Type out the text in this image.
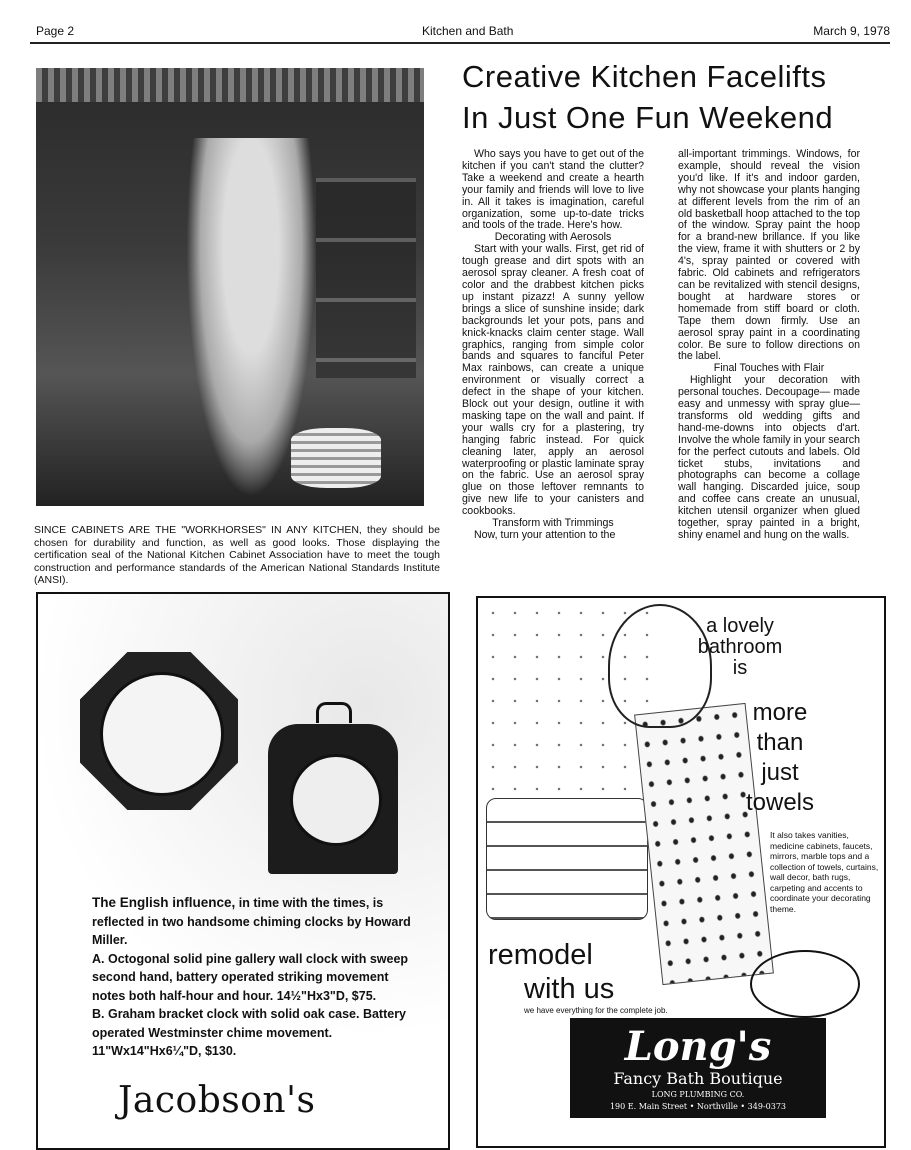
Page 2	Kitchen and Bath	March 9, 1978
SINCE CABINETS ARE THE "WORKHORSES" IN ANY KITCHEN, they should be chosen for durability and function, as well as good looks. Those displaying the certification seal of the National Kitchen Cabinet Association have to meet the tough construction and performance standards of the American National Standards Institute (ANSI).
Creative Kitchen Facelifts
In Just One Fun Weekend

Who says you have to get out of the kitchen if you can't stand the clutter? Take a weekend and create a hearth your family and friends will love to live in. All it takes is imagination, careful organization, some up-to-date tricks and tools of the trade. Here's how.

Decorating with Aerosols

Start with your walls. First, get rid of tough grease and dirt spots with an aerosol spray cleaner. A fresh coat of color and the drabbest kitchen picks up instant pizazz! A sunny yellow brings a slice of sunshine inside; dark backgrounds let your pots, pans and knick-knacks claim center stage. Wall graphics, ranging from simple color bands and squares to fanciful Peter Max rainbows, can create a unique environment or visually correct a defect in the shape of your kitchen. Block out your design, outline it with masking tape on the wall and paint. If your walls cry for a plastering, try hanging fabric instead. For quick cleaning later, apply an aerosol waterproofing or plastic laminate spray on the fabric. Use an aerosol spray glue on those leftover remnants to give new life to your canisters and cookbooks.

Transform with Trimmings

Now, turn your attention to the

all-important trimmings. Windows, for example, should reveal the vision you'd like. If it's and indoor garden, why not showcase your plants hanging at different levels from the rim of an old basketball hoop attached to the top of the window. Spray paint the hoop for a brand-new brillance. If you like the view, frame it with shutters or 2 by 4's, spray painted or covered with fabric. Old cabinets and refrigerators can be revitalized with stencil designs, bought at hardware stores or homemade from stiff board or cloth. Tape them down firmly. Use an aerosol spray paint in a coordinating color. Be sure to follow directions on the label.

Final Touches with Flair

Highlight your decoration with personal touches. Decoupage— made easy and unmessy with spray glue—transforms old wedding gifts and hand-me-downs into objects d'art. Involve the whole family in your search for the perfect cutouts and labels. Old ticket stubs, invitations and photographs can become a collage wall hanging. Discarded juice, soup and coffee cans create an unusual, kitchen utensil organizer when glued together, spray painted in a bright, shiny enamel and hung on the walls.

The English influence, in time with the times, is reflected in two handsome chiming clocks by Howard Miller.

A. Octogonal solid pine gallery wall clock with sweep second hand, battery operated striking movement notes both half-hour and hour. 14½"Hx3"D, $75.

B. Graham bracket clock with solid oak case. Battery operated Westminster chime movement. 11"Wx14"Hx6¼"D, $130.

Jacobson's
a lovely
bathroom
is
more
than
just
towels
It also takes vanities, medicine cabinets, faucets, mirrors, marble tops and a collection of towels, curtains, wall decor, bath rugs, carpeting and accents to coordinate your decorating theme.
remodel
with us
we have everything for the complete job.
Long's
Fancy Bath Boutique
LONG PLUMBING CO.
190 E. Main Street • Northville • 349-0373
